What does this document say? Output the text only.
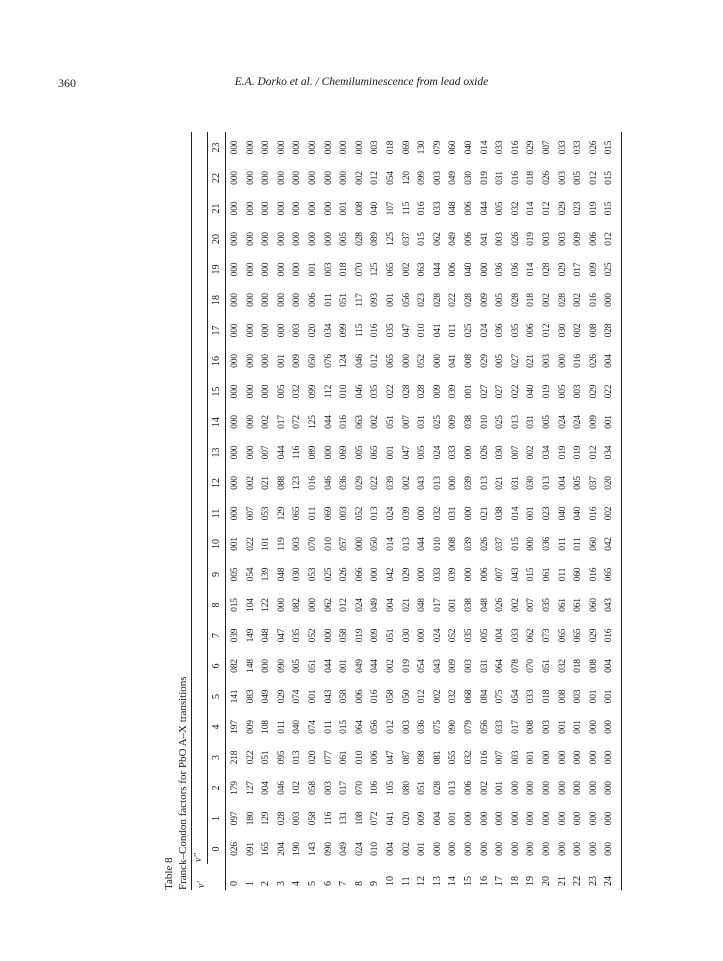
360	E.A. Dorko et al. / Chemiluminescence from lead oxide
Table 8 Franck–Condon factors for PbO A–X transitions v'
v''
0
026
097
179
218
197
141
082
039
015
005
001
000
000
000
000
000
000
000
000
000
000
000
000
000
1
091
180
127
022
009
083
148
149
104
054
022
007
002
000
000
000
000
000
000
000
000
000
000
000
2
165
129
004
051
108
049
000
048
122
139
101
053
021
007
002
000
000
000
000
000
000
000
000
000
3
204
028
046
095
011
029
090
047
000
048
119
129
088
044
017
005
001
000
000
000
000
000
000
000
4
190
003
102
013
040
074
005
035
082
030
003
065
123
116
072
032
009
003
000
000
000
000
000
000
5
143
058
058
020
074
001
051
052
000
053
070
011
016
089
125
099
050
020
006
001
000
000
000
000
6
090
116
003
077
011
043
044
000
062
025
010
069
046
000
044
112
076
034
011
003
000
000
000
000
7
049
131
017
061
015
058
001
058
012
026
057
003
036
069
016
010
124
099
051
018
005
001
000
000
8
024
108
070
010
064
006
049
019
024
066
000
052
029
005
063
046
046
115
117
070
028
008
002
000
9
010
072
106
006
056
016
044
009
049
000
050
013
022
065
002
035
012
016
093
125
089
040
012
003
10
004
041
105
047
012
058
002
051
004
042
014
024
039
001
051
022
065
035
001
065
125
107
054
018
11
002
020
080
087
003
050
019
030
021
029
013
039
002
047
007
028
000
047
056
002
037
115
120
069
12
001
009
051
098
036
012
054
000
048
000
044
000
043
005
031
028
052
010
023
063
015
016
099
130
13
000
004
028
081
075
002
043
024
017
033
010
032
013
024
025
009
000
041
028
044
062
033
003
079
14
000
001
013
055
090
032
009
052
001
039
008
031
000
033
009
039
041
011
022
006
049
048
049
060
15
000
000
006
032
079
068
003
035
038
000
039
000
039
000
038
001
008
025
028
040
006
006
030
040
16
000
000
002
016
056
084
031
005
048
006
026
021
013
026
010
027
029
024
009
000
041
044
019
014
17
000
000
001
007
033
075
064
004
026
007
037
038
021
030
025
027
005
036
005
036
003
005
031
033
18
000
000
000
003
017
054
078
033
002
043
015
014
031
007
013
022
027
035
028
036
026
032
016
016
19
000
000
000
001
008
033
070
062
007
015
000
001
030
002
031
040
021
006
018
014
019
014
018
029
20
000
000
000
000
003
018
051
073
035
061
036
023
013
034
005
019
003
012
002
028
003
012
026
007
21
000
000
000
000
001
008
032
065
061
011
011
040
004
019
024
005
000
030
028
029
003
029
003
033
22
000
000
000
000
001
003
018
065
061
060
011
040
005
019
024
003
016
002
002
017
009
023
005
033
23
000
000
000
000
000
001
008
029
060
016
060
016
037
012
009
029
026
008
016
009
006
019
012
026
24
000
000
000
000
000
001
004
016
043
065
042
002
020
034
001
022
004
028
000
025
012
015
015
015
0
1
2
3
4
5
6
7
8
9
10
11
12
13
14
15
16
17
18
19
20
21
22
23
